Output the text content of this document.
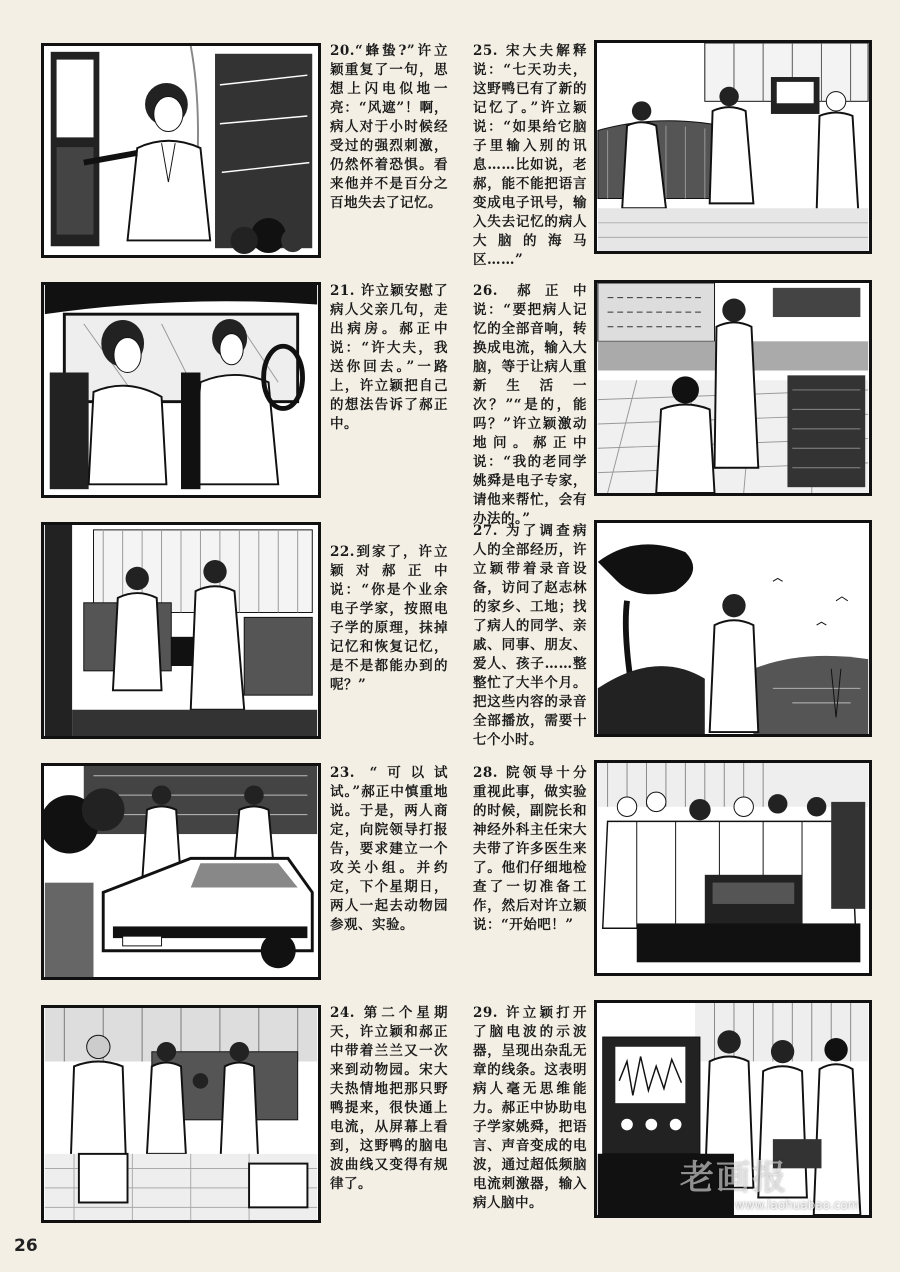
20.“蜂蛰?”许立颖重复了一句，思想上闪电似地一亮：“风遮”！啊，病人对于小时候经受过的强烈刺激，仍然怀着恐惧。看来他并不是百分之百地失去了记忆。
21. 许立颖安慰了病人父亲几句，走出病房。郝正中说：“许大夫，我送你回去。”一路上，许立颖把自己的想法告诉了郝正中。
22.到家了，许立颖对郝正中说：“你是个业余电子学家，按照电子学的原理，抹掉记忆和恢复记忆，是不是都能办到的呢？”
23. “可以试试。”郝正中慎重地说。于是，两人商定，向院领导打报告，要求建立一个攻关小组。并约定，下个星期日，两人一起去动物园参观、实验。
24. 第二个星期天，许立颖和郝正中带着兰兰又一次来到动物园。宋大夫热情地把那只野鸭提来，很快通上电流，从屏幕上看到，这野鸭的脑电波曲线又变得有规律了。
25. 宋大夫解释说：“七天功夫，这野鸭已有了新的记忆了。”许立颖说：“如果给它脑子里输入别的讯息……比如说，老郝，能不能把语言变成电子讯号，输入失去记忆的病人大脑的海马区……”
26. 郝正中说：“要把病人记忆的全部音响，转换成电流，输入大脑，等于让病人重新生活一次？”“是的，能吗？”许立颖激动地问。郝正中说：“我的老同学姚舜是电子专家，请他来帮忙，会有办法的。”
27. 为了调查病人的全部经历，许立颖带着录音设备，访问了赵志林的家乡、工地；找了病人的同学、亲戚、同事、朋友、爱人、孩子……整整忙了大半个月。把这些内容的录音全部播放，需要十七个小时。
28. 院领导十分重视此事，做实验的时候，副院长和神经外科主任宋大夫带了许多医生来了。他们仔细地检查了一切准备工作，然后对许立颖说：“开始吧！”
29. 许立颖打开了脑电波的示波器，呈现出杂乱无章的线条。这表明病人毫无思维能力。郝正中协助电子学家姚舜，把语言、声音变成的电波，通过超低频脑电流刺激器，输入病人脑中。
老画报
www.laohuabao.com
26
